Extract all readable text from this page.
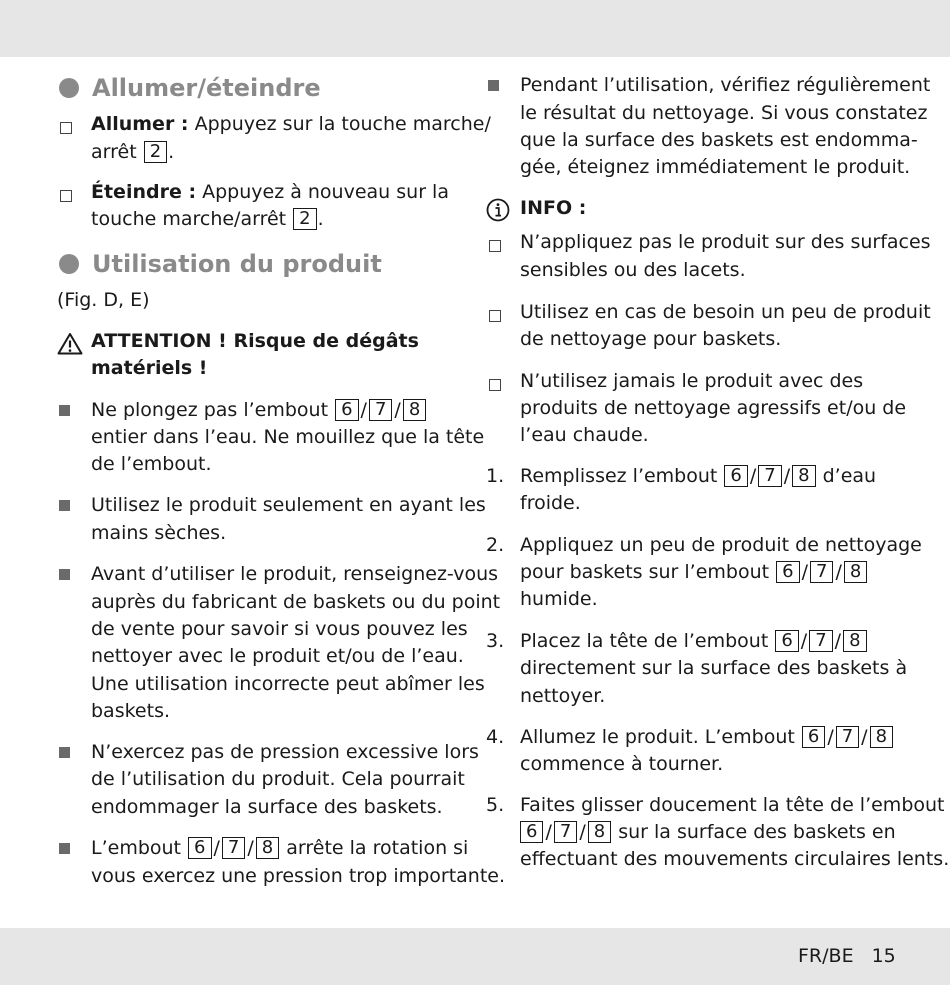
Allumer/éteindre
Allumer : Appuyez sur la touche marche/
arrêt 2 .
Éteindre : Appuyez à nouveau sur la
touche marche/arrêt 2 .
Utilisation du produit
(Fig. D, E)
ATTENTION ! Risque de dégâts
matériels !
Ne plongez pas l’embout 6 / 7 / 8
entier dans l’eau. Ne mouillez que la tête
de l’embout.
Utilisez le produit seulement en ayant les
mains sèches.
Avant d’utiliser le produit, renseignez-vous
auprès du fabricant de baskets ou du point
de vente pour savoir si vous pouvez les
nettoyer avec le produit et/ou de l’eau.
Une utilisation incorrecte peut abîmer les
baskets.
N’exercez pas de pression excessive lors
de l’utilisation du produit. Cela pourrait
endommager la surface des baskets.
L’embout 6 / 7 / 8 arrête la rotation si
vous exercez une pression trop importante.
Pendant l’utilisation, vérifiez régulièrement
le résultat du nettoyage. Si vous constatez
que la surface des baskets est endomma-
gée, éteignez immédiatement le produit.
INFO :
N’appliquez pas le produit sur des surfaces
sensibles ou des lacets.
Utilisez en cas de besoin un peu de produit
de nettoyage pour baskets.
N’utilisez jamais le produit avec des
produits de nettoyage agressifs et/ou de
l’eau chaude.
1. Remplissez l’embout 6 / 7 / 8 d’eau
froide.
2. Appliquez un peu de produit de nettoyage
pour baskets sur l’embout 6 / 7 / 8
humide.
3. Placez la tête de l’embout 6 / 7 / 8
directement sur la surface des baskets à
nettoyer.
4. Allumez le produit. L’embout 6 / 7 / 8
commence à tourner.
5. Faites glisser doucement la tête de l’embout
6 / 7 / 8 sur la surface des baskets en
effectuant des mouvements circulaires lents.
FR/BE 15
